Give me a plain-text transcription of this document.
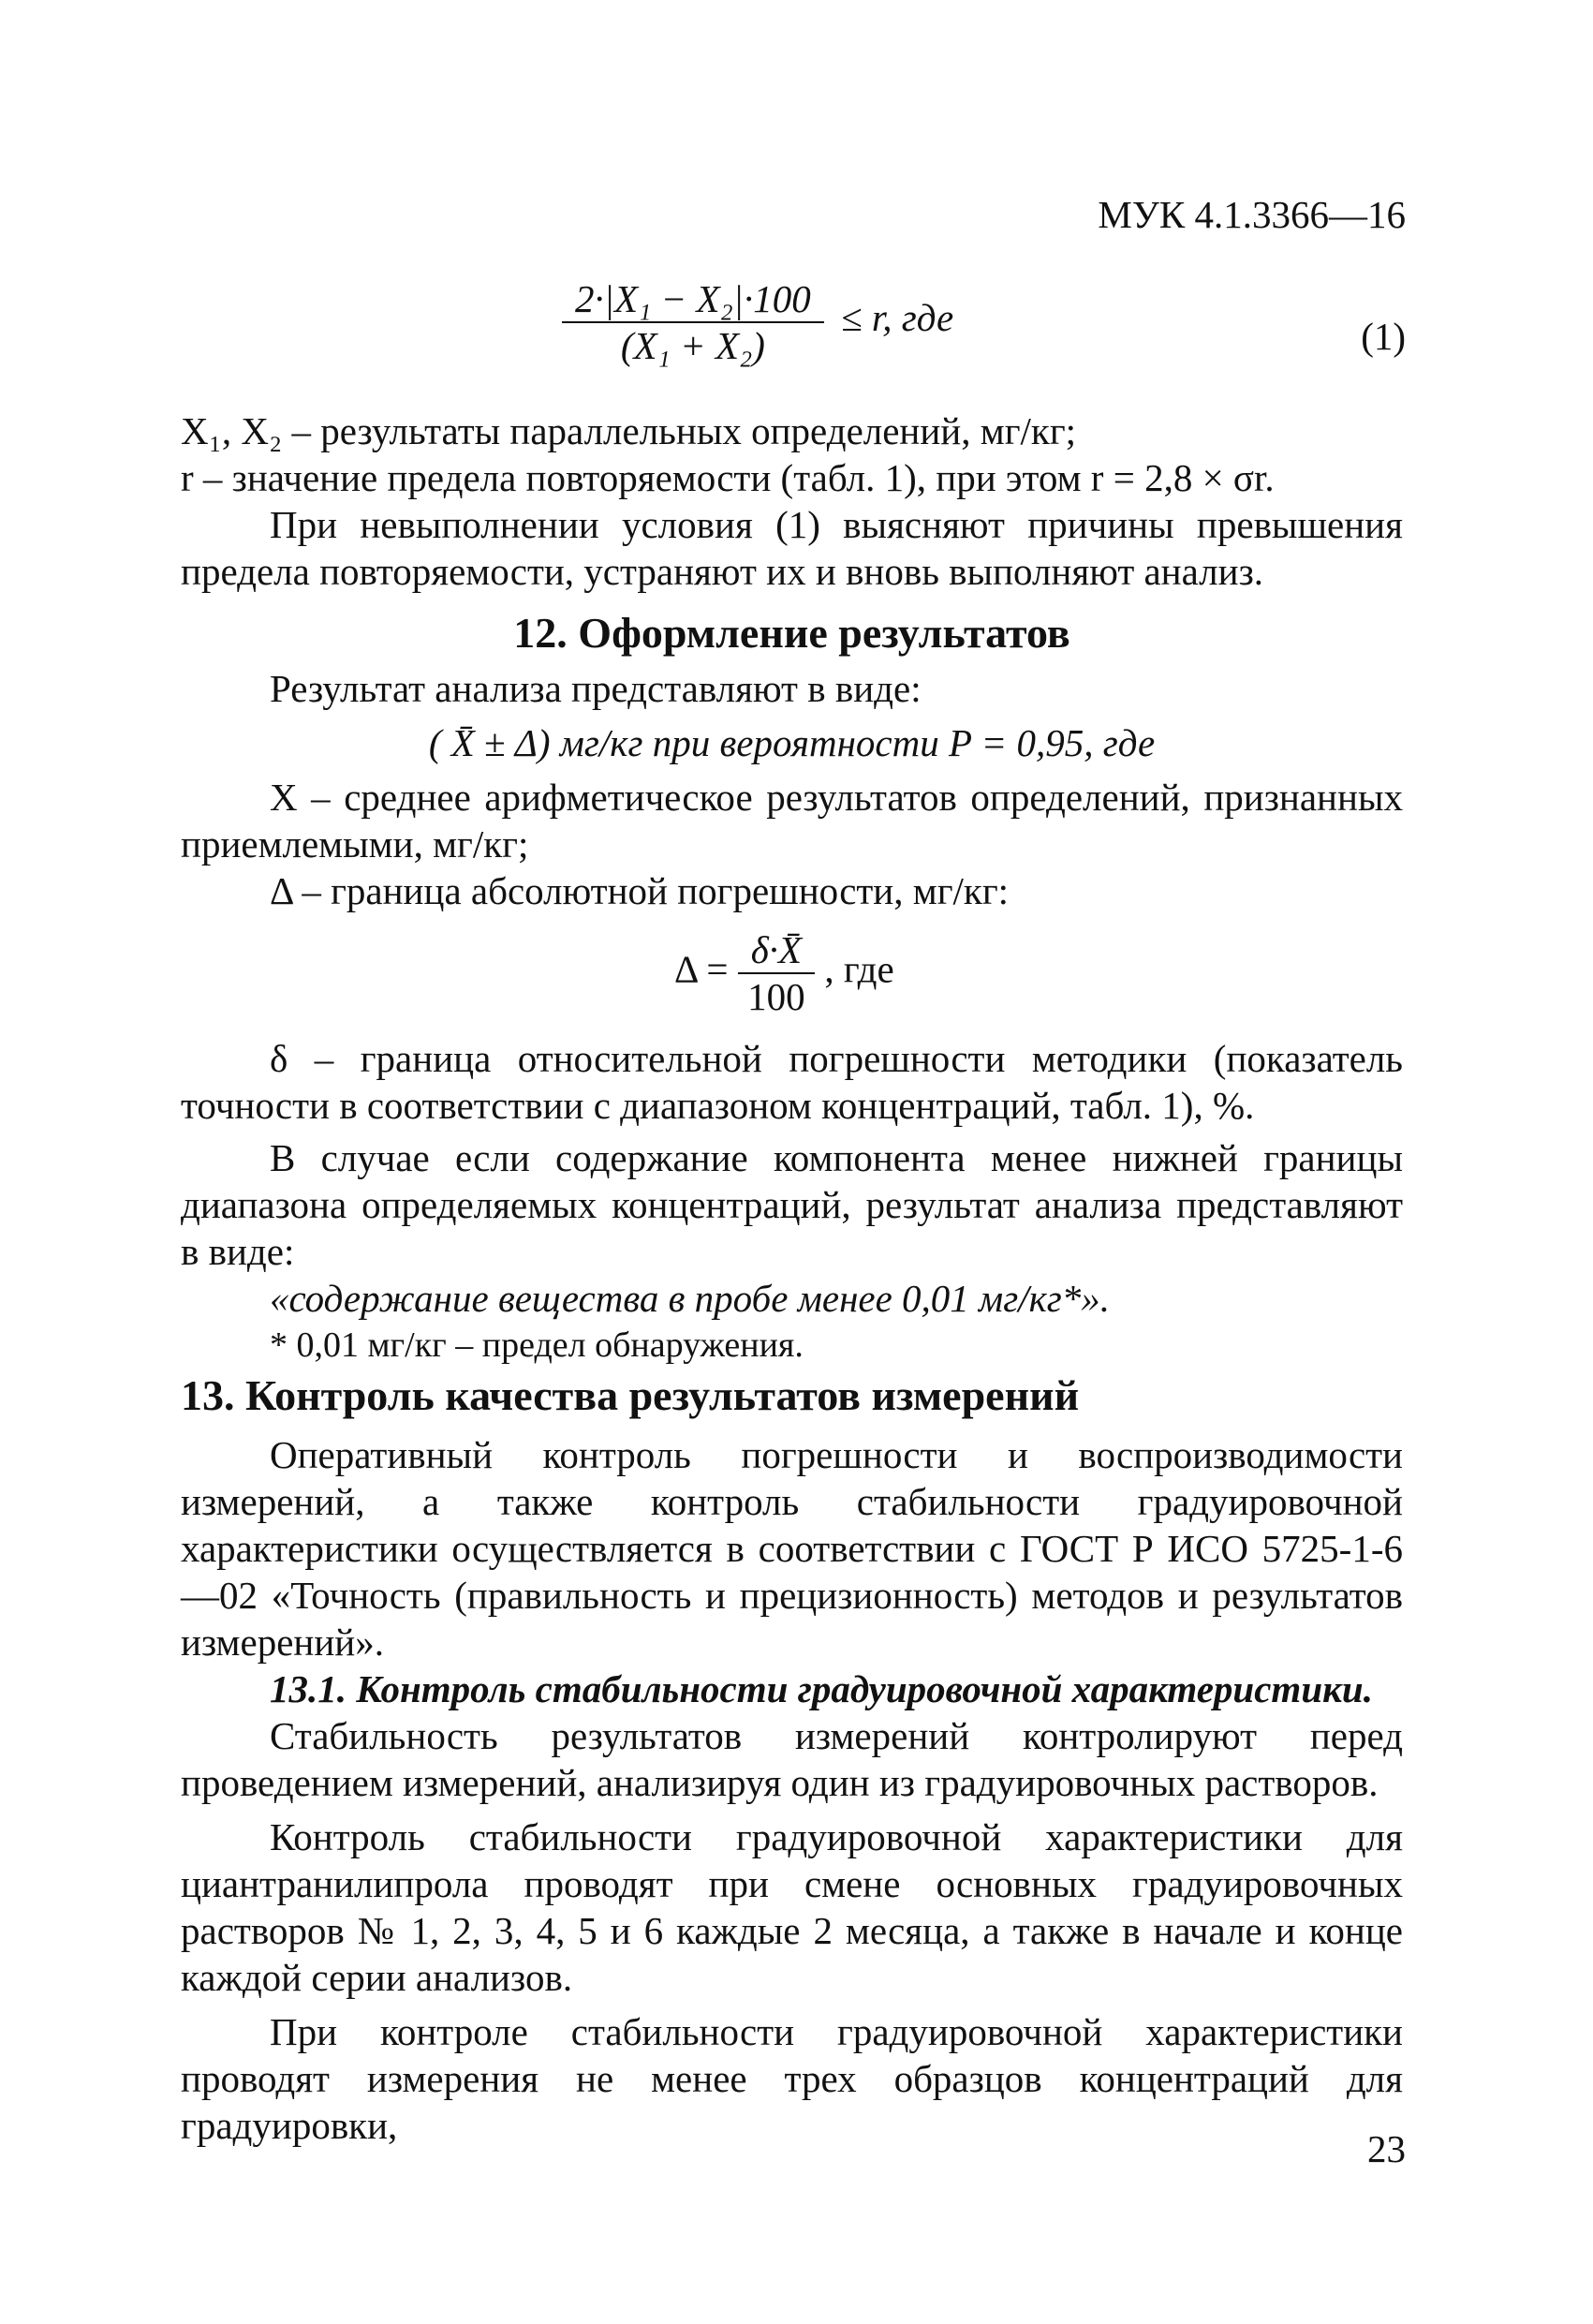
МУК 4.1.3366—16
$\frac{\text{2·|X₁ − X₂|·100}}{\text{(X₁ + X₂)}} \le r$, где	(1)
X₁, X₂ – результаты параллельных определений, мг/кг;
r – значение предела повторяемости (табл. 1), при этом r = 2,8 × σr.
При невыполнении условия (1) выясняют причины превышения предела повторяемости, устраняют их и вновь выполняют анализ.
12. Оформление результатов
Результат анализа представляют в виде:
( X̄ ± Δ) мг/кг при вероятности P = 0,95, где
X – среднее арифметическое результатов определений, признанных приемлемыми, мг/кг;
Δ – граница абсолютной погрешности, мг/кг:
$\Delta = \frac{\delta\cdot X̄}{100}$ , где
δ – граница относительной погрешности методики (показатель точности в соответствии с диапазоном концентраций, табл. 1), %.
В случае если содержание компонента менее нижней границы диапазона определяемых концентраций, результат анализа представляют в виде:
«содержание вещества в пробе менее 0,01 мг/кг*».
* 0,01 мг/кг – предел обнаружения.
13. Контроль качества результатов измерений
Оперативный контроль погрешности и воспроизводимости измерений, а также контроль стабильности градуировочной характеристики осуществляется в соответствии с ГОСТ Р ИСО 5725-1-6—02 «Точность (правильность и прецизионность) методов и результатов измерений».
13.1. Контроль стабильности градуировочной характеристики.
Стабильность результатов измерений контролируют перед проведением измерений, анализируя один из градуировочных растворов.
Контроль стабильности градуировочной характеристики для циантранилипрола проводят при смене основных градуировочных растворов № 1, 2, 3, 4, 5 и 6 каждые 2 месяца, а также в начале и конце каждой серии анализов.
При контроле стабильности градуировочной характеристики проводят измерения не менее трех образцов концентраций для градуировки,
23
